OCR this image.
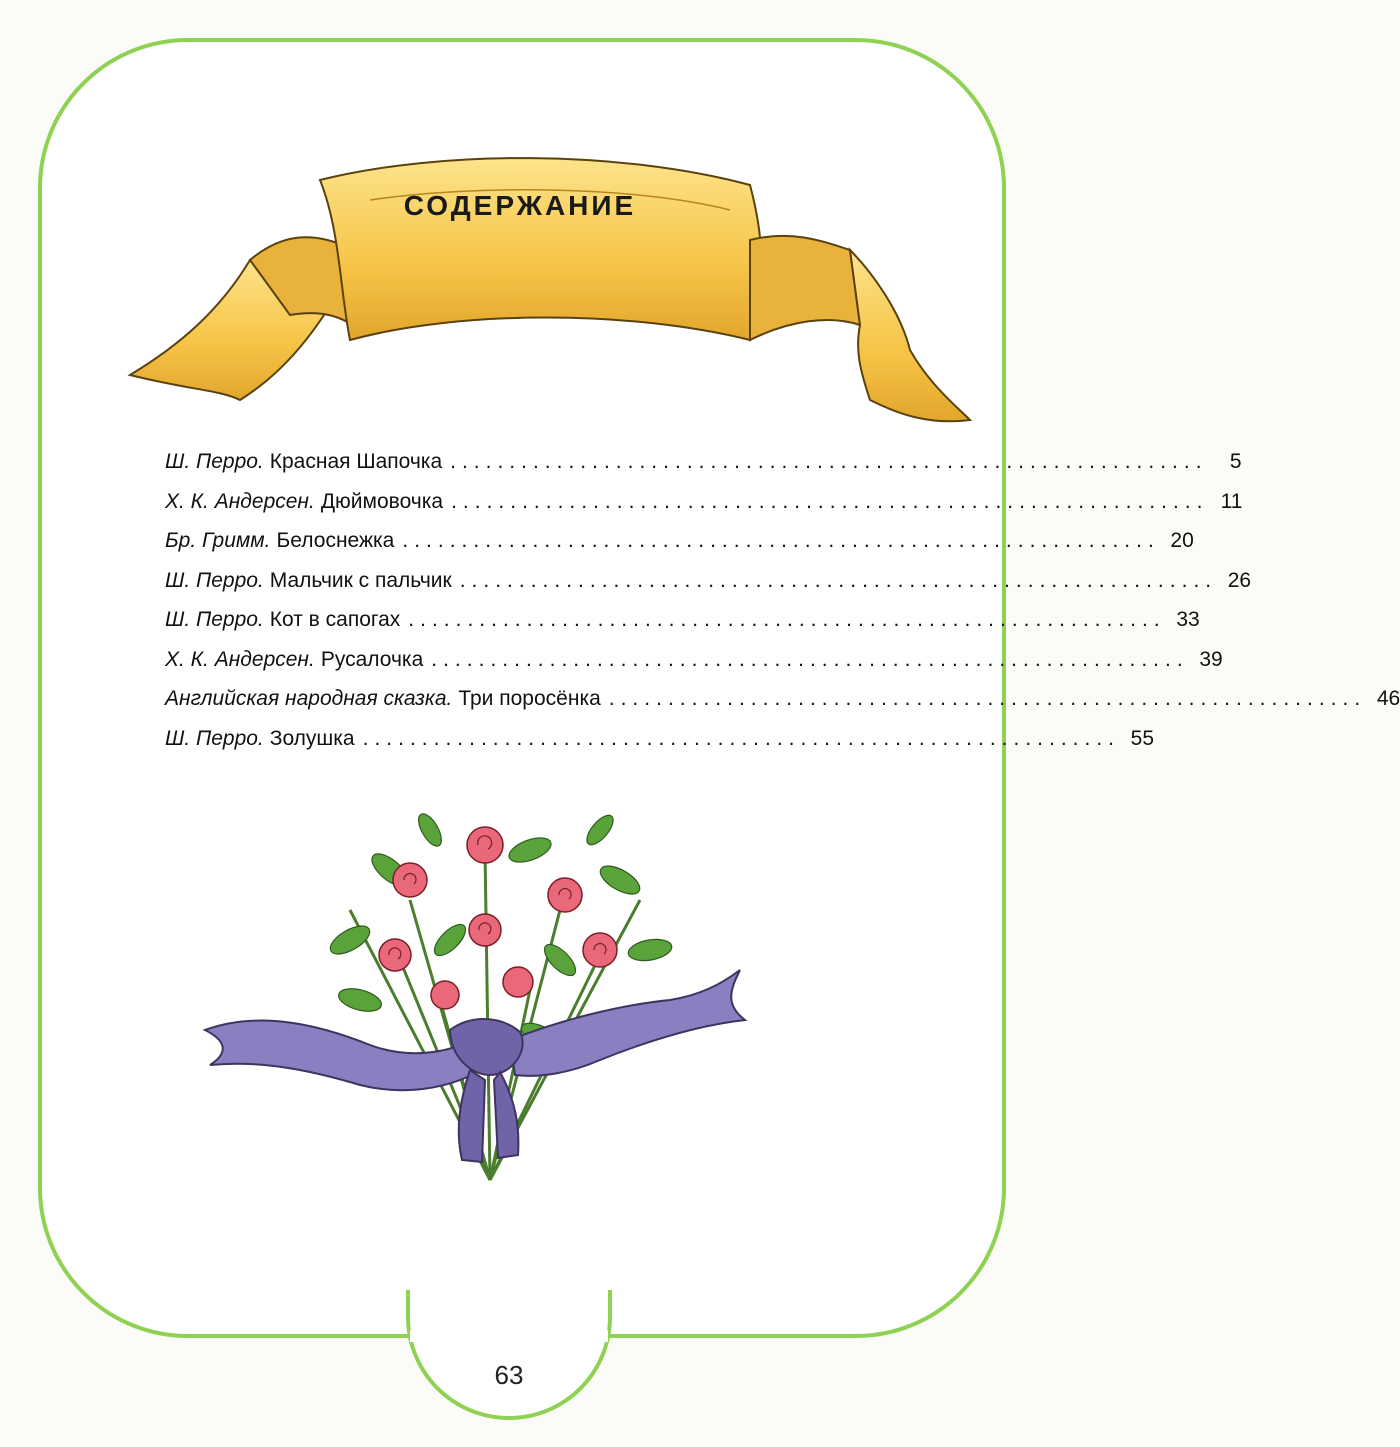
63
СОДЕРЖАНИЕ
Ш. Перро. Красная Шапочка ................................................................	5
Х. К. Андерсен. Дюймовочка ................................................................ 11
Бр. Гримм. Белоснежка ................................................................ 20
Ш. Перро. Мальчик с пальчик ................................................................ 26
Ш. Перро. Кот в сапогах ................................................................ 33
Х. К. Андерсен. Русалочка ................................................................ 39
Английская народная сказка. Три поросёнка ................................................................ 46
Ш. Перро. Золушка ................................................................ 55
